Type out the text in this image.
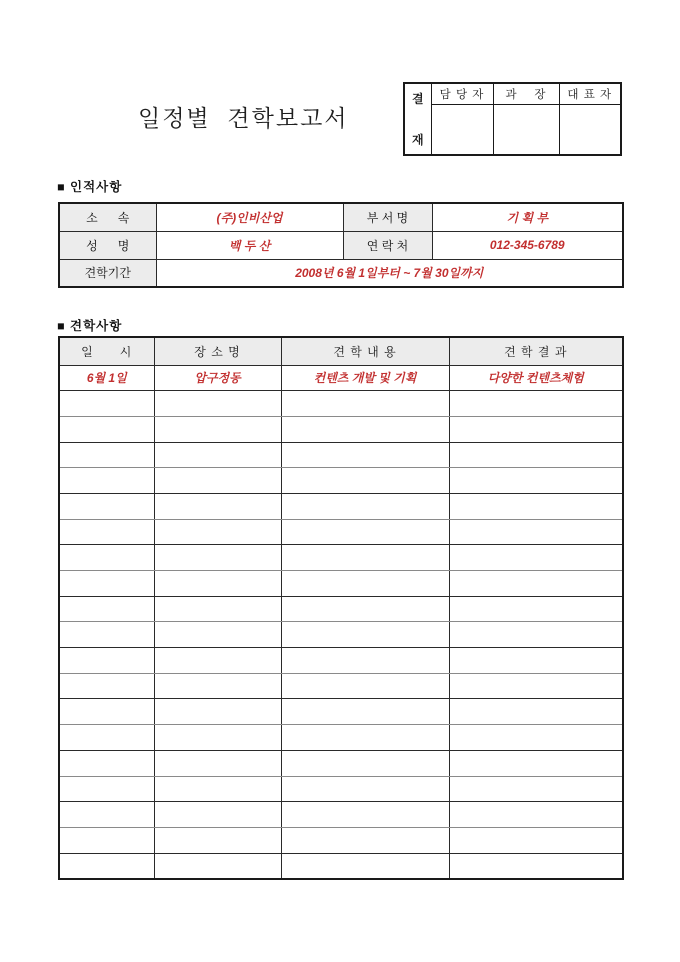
일정별  견학보고서
결
재	담 당 자	과    장	대 표 자

■ 인적사항
소      속	(주)인비산업	부 서 명	기 획 부
성      명	백 두 산	연 락 처	012-345-6789
견학기간	2008년 6월 1일부터 ~ 7월 30일까지		
■ 견학사항
일      시	장 소 명	견 학 내 용	견 학 결 과
6월 1일	압구정동	컨텐츠 개발 및 기획	다양한 컨텐츠체험
